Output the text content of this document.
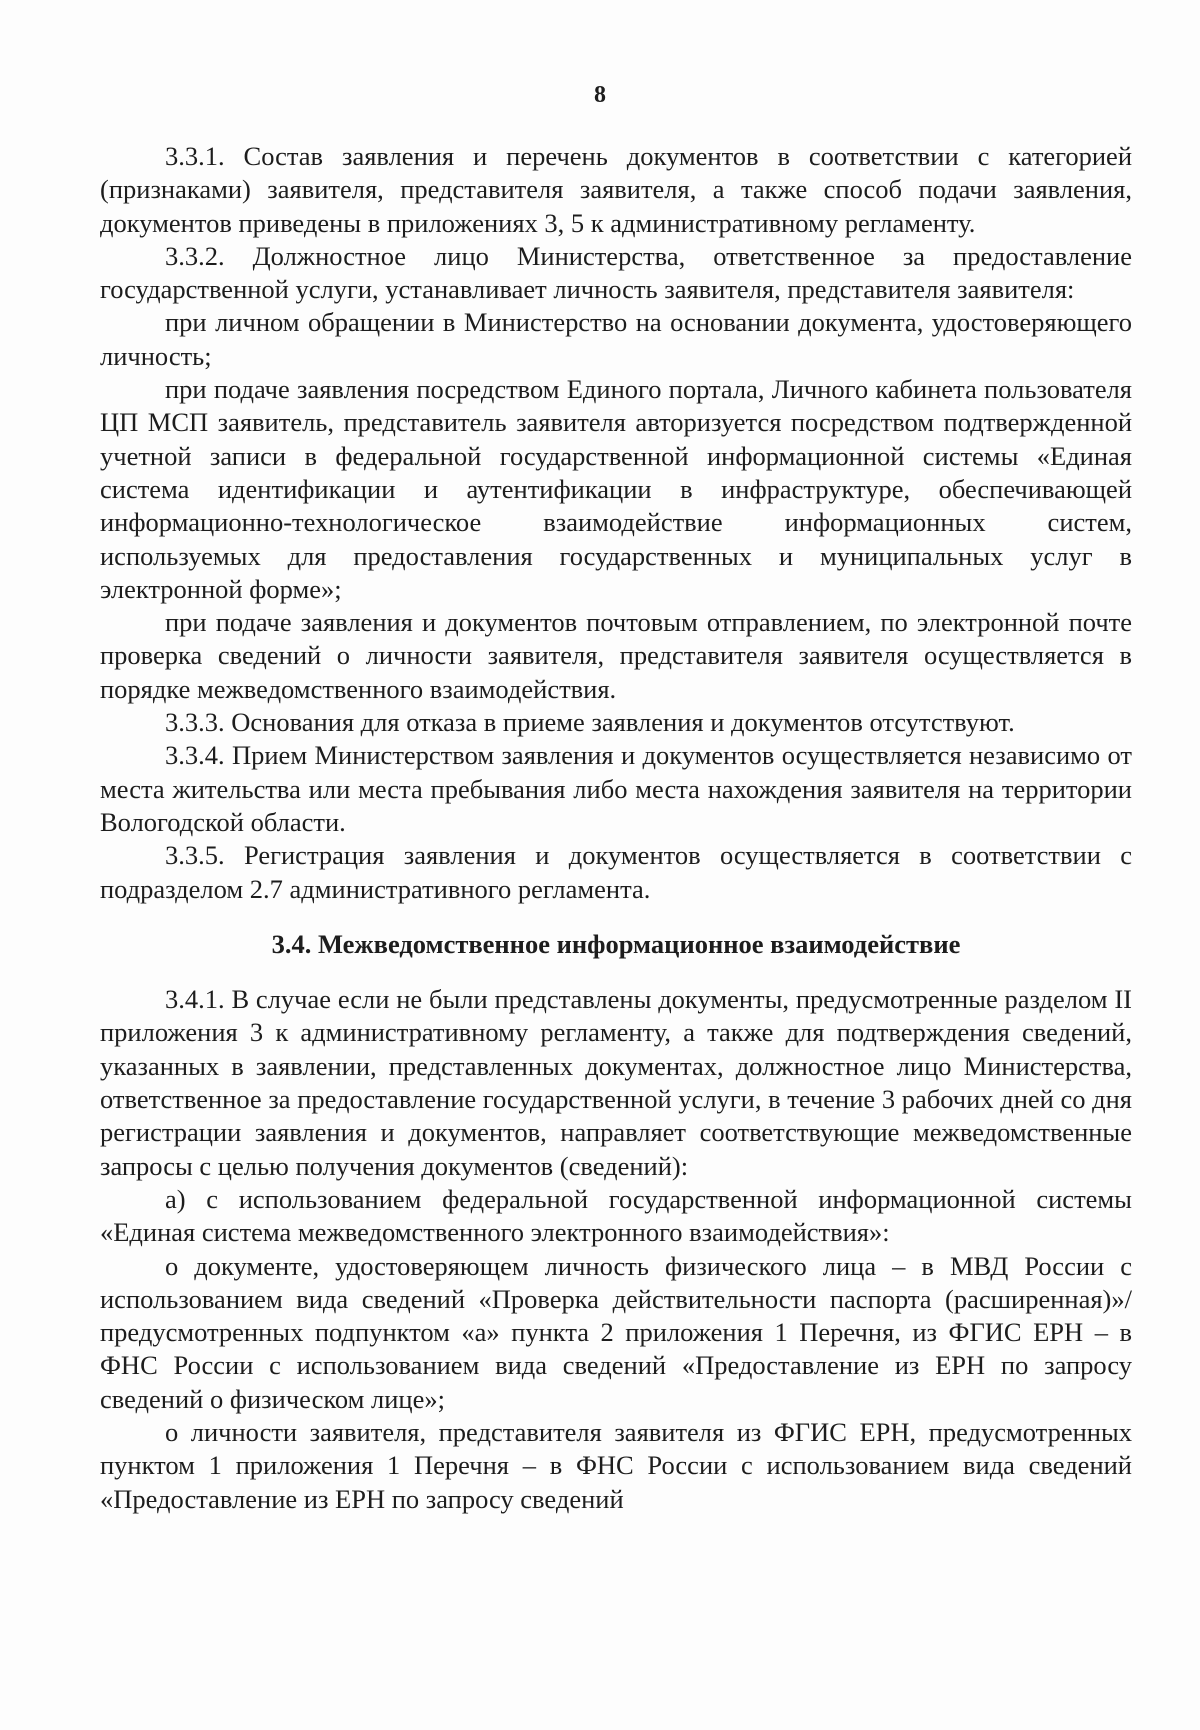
8

3.3.1. Состав заявления и перечень документов в соответствии с категорией (признаками) заявителя, представителя заявителя, а также способ подачи заявления, документов приведены в приложениях 3, 5 к административному регламенту.

3.3.2. Должностное лицо Министерства, ответственное за предоставление государственной услуги, устанавливает личность заявителя, представителя заявителя:

при личном обращении в Министерство на основании документа, удостоверяющего личность;

при подаче заявления посредством Единого портала, Личного кабинета пользователя ЦП МСП заявитель, представитель заявителя авторизуется посредством подтвержденной учетной записи в федеральной государственной информационной системы «Единая система идентификации и аутентификации в инфраструктуре, обеспечивающей информационно-технологическое взаимодействие информационных систем, используемых для предоставления государственных и муниципальных услуг в электронной форме»;

при подаче заявления и документов почтовым отправлением, по электронной почте проверка сведений о личности заявителя, представителя заявителя осуществляется в порядке межведомственного взаимодействия.

3.3.3. Основания для отказа в приеме заявления и документов отсутствуют.

3.3.4. Прием Министерством заявления и документов осуществляется независимо от места жительства или места пребывания либо места нахождения заявителя на территории Вологодской области.

3.3.5. Регистрация заявления и документов осуществляется в соответствии с подразделом 2.7 административного регламента.

3.4. Межведомственное информационное взаимодействие

3.4.1. В случае если не были представлены документы, предусмотренные разделом II приложения 3 к административному регламенту, а также для подтверждения сведений, указанных в заявлении, представленных документах, должностное лицо Министерства, ответственное за предоставление государственной услуги, в течение 3 рабочих дней со дня регистрации заявления и документов, направляет соответствующие межведомственные запросы с целью получения документов (сведений):

а) с использованием федеральной государственной информационной системы «Единая система межведомственного электронного взаимодействия»:

о документе, удостоверяющем личность физического лица – в МВД России с использованием вида сведений «Проверка действительности паспорта (расширенная)»/предусмотренных подпунктом «а» пункта 2 приложения 1 Перечня, из ФГИС ЕРН – в ФНС России с использованием вида сведений «Предоставление из ЕРН по запросу сведений о физическом лице»;

о личности заявителя, представителя заявителя из ФГИС ЕРН, предусмотренных пунктом 1 приложения 1 Перечня – в ФНС России с использованием вида сведений «Предоставление из ЕРН по запросу сведений
